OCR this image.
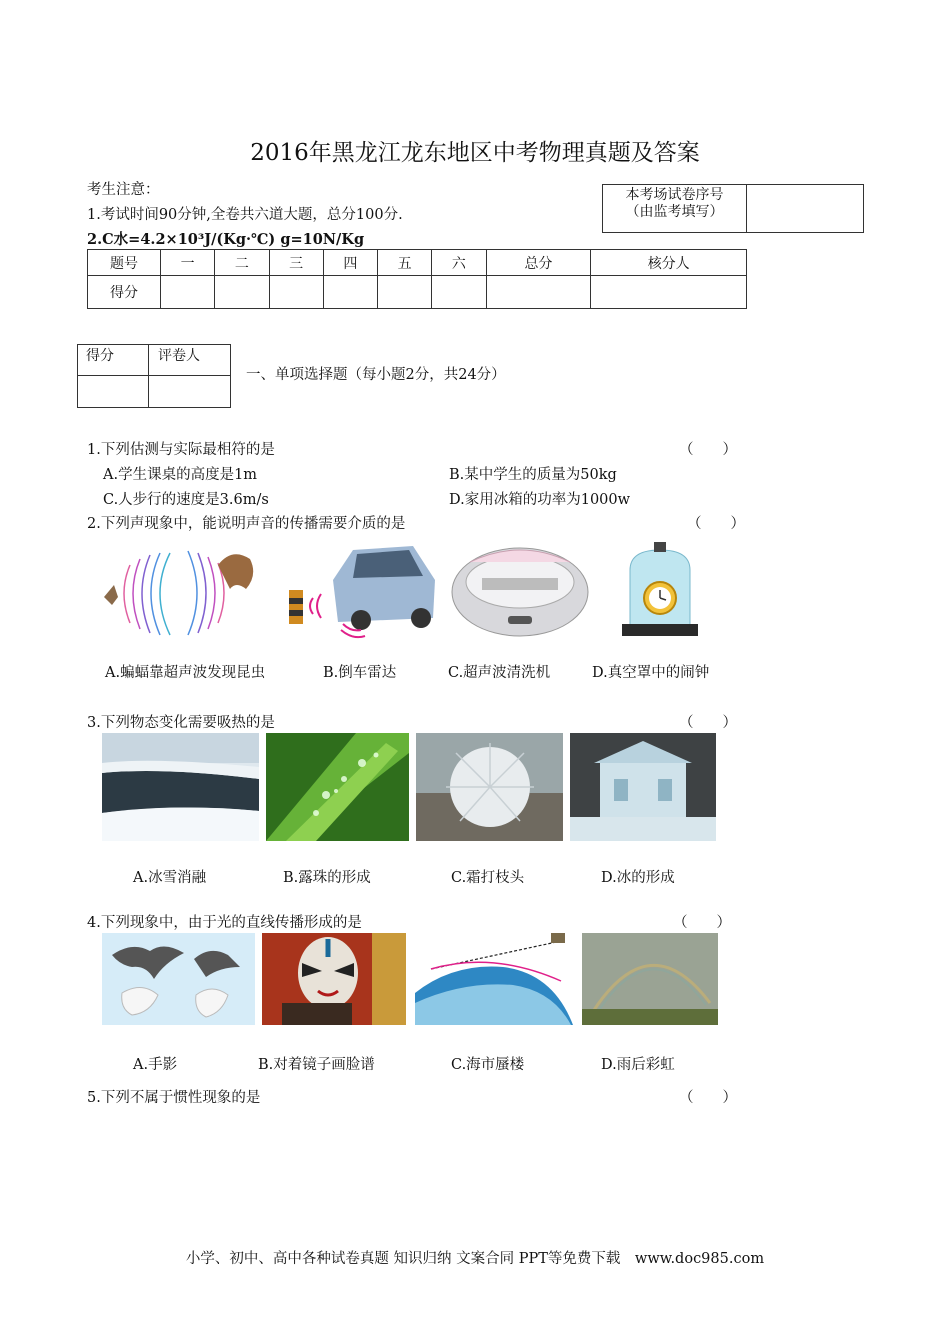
2016年黑龙江龙东地区中考物理真题及答案
考生注意：
1.考试时间90分钟,全卷共六道大题，总分100分.
2.C水=4.2×10³J/(Kg·℃) g=10N/Kg
本考场试卷序号
（由监考填写）

题号	一	二	三	四	五	六	总分	核分人
得分								
得分	评卷人

一、单项选择题（每小题2分，共24分）
1.下列估测与实际最相符的是	（　　）
A.学生课桌的高度是1m	B.某中学生的质量为50kg
C.人步行的速度是3.6m/s	D.家用冰箱的功率为1000w
2.下列声现象中，能说明声音的传播需要介质的是	（　　）
A.蝙蝠靠超声波发现昆虫	B.倒车雷达	C.超声波清洗机	D.真空罩中的闹钟
3.下列物态变化需要吸热的是	（　　）
A.冰雪消融	B.露珠的形成	C.霜打枝头	D.冰的形成
4.下列现象中，由于光的直线传播形成的是	（　　）
A.手影	B.对着镜子画脸谱	C.海市蜃楼	D.雨后彩虹
5.下列不属于惯性现象的是	（　　）
小学、初中、高中各种试卷真题 知识归纳 文案合同 PPT等免费下载　www.doc985.com
